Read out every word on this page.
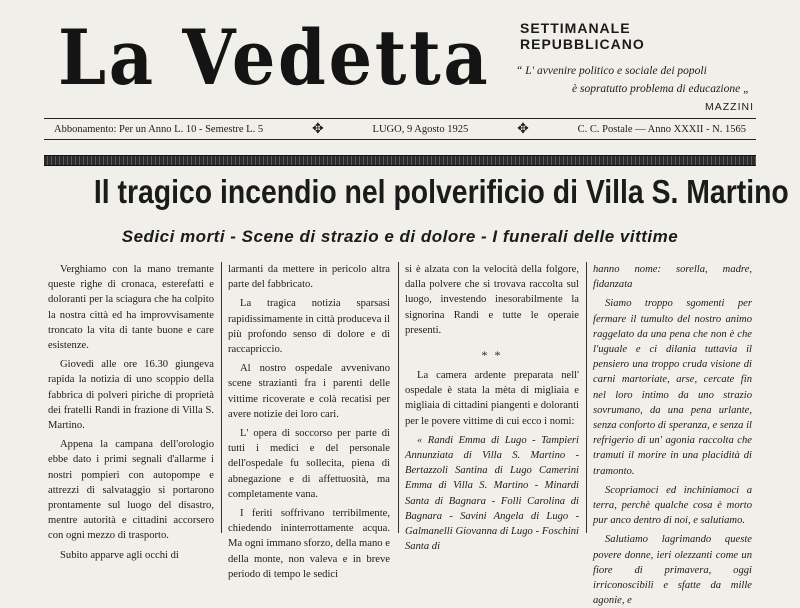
La Vedetta SETTIMANALE REPUBBLICANO
“ L' avvenire politico e sociale dei popoli
è sopratutto problema di educazione „
MAZZINI
Abbonamento: Per un Anno L. 10 - Semestre L. 5	✥	LUGO, 9 Agosto 1925	✥	C. C. Postale — Anno XXXII - N. 1565
Il tragico incendio nel polverificio di Villa S. Martino
Sedici morti - Scene di strazio e di dolore - I funerali delle vittime

Verghiamo con la mano tremante queste righe di cronaca, esterefatti e doloranti per la sciagura che ha colpito la nostra città ed ha improvvisamente troncato la vita di tante buone e care esistenze.

Giovedì alle ore 16.30 giungeva rapida la notizia di uno scoppio della fabbrica di polveri piriche di proprietà dei fratelli Randi in frazione di Villa S. Martino.

Appena la campana dell'orologio ebbe dato i primi segnali d'allarme i nostri pompieri con autopompe e attrezzi di salvataggio si portarono prontamente sul luogo del disastro, mentre autorità e cittadini accorsero con ogni mezzo di trasporto.

Subito apparve agli occhi di

larmanti da mettere in pericolo altra parte del fabbricato.

La tragica notizia sparsasi rapidissimamente in città produceva il più profondo senso di dolore e di raccapriccio.

Al nostro ospedale avvenivano scene strazianti fra i parenti delle vittime ricoverate e colà recatisi per avere notizie dei loro cari.

L' opera di soccorso per parte di tutti i medici e del personale dell'ospedale fu sollecita, piena di abnegazione e di affettuosità, ma completamente vana.

I feriti soffrivano terribilmente, chiedendo ininterrottamente acqua. Ma ogni immano sforzo, della mano e della monte, non valeva e in breve periodo di tempo le sedici

si è alzata con la velocità della folgore, dalla polvere che si trovava raccolta sul luogo, investendo inesorabilmente la signorina Randi e tutte le operaie presenti.

* *

La camera ardente preparata nell' ospedale è stata la mèta di migliaia e migliaia di cittadini piangenti e doloranti per le povere vittime di cui ecco i nomi:

« Randi Emma di Lugo - Tampieri Annunziata di Villa S. Martino - Bertazzoli Santina di Lugo Camerini Emma di Villa S. Martino - Minardi Santa di Bagnara - Folli Carolina di Bagnara - Savini Angela di Lugo - Galmanelli Giovanna di Lugo - Foschini Santa di

hanno nome: sorella, madre, fidanzata

Siamo troppo sgomenti per fermare il tumulto del nostro animo raggelato da una pena che non è che l'uguale e ci dilania tuttavia il pensiero una troppo cruda visione di carni martoriate, arse, cercate fin nel loro intimo da uno strazio sovrumano, da una pena urlante, senza conforto di speranza, e senza il refrigerio di un' agonia raccolta che tramuti il morire in una placidità di tramonto.

Scopriamoci ed inchiniamoci a terra, perchè qualche cosa è morto pur anco dentro di noi, e salutiamo.

Salutiamo lagrimando queste povere donne, ieri olezzanti come un fiore di primavera, oggi irriconoscibili e sfatte da mille agonie, e
